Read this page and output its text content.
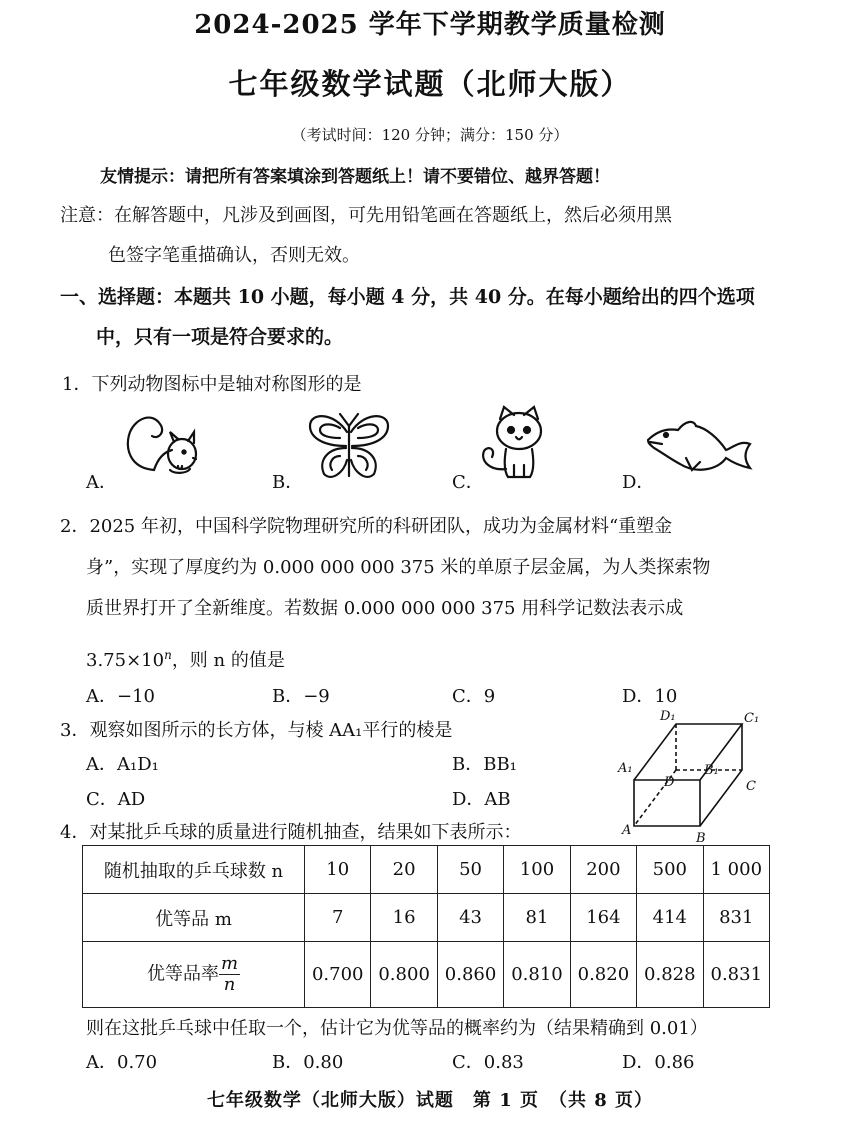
2024-2025 学年下学期教学质量检测
七年级数学试题（北师大版）
（考试时间：120 分钟；满分：150 分）
友情提示：请把所有答案填涂到答题纸上！请不要错位、越界答题！
注意：在解答题中，凡涉及到画图，可先用铅笔画在答题纸上，然后必须用黑
色签字笔重描确认，否则无效。
一、选择题：本题共 10 小题，每小题 4 分，共 40 分。在每小题给出的四个选项
中，只有一项是符合要求的。
1．下列动物图标中是轴对称图形的是
A．	B．	C．	D．
2．2025 年初，中国科学院物理研究所的科研团队，成功为金属材料“重塑金
身”，实现了厚度约为 0.000 000 000 375 米的单原子层金属，为人类探索物
质世界打开了全新维度。若数据 0.000 000 000 375 用科学记数法表示成
$3.75\times 10^n$，则 n 的值是
A．−10	B．−9	C．9	D．10
3．观察如图所示的长方体，与棱 AA₁平行的棱是
A．A₁D₁	B．BB₁
C．AD	D．AB
D₁	C₁
A₁
D
B₁
C
A
B
4．对某批乒乓球的质量进行随机抽查，结果如下表所示：
随机抽取的乒乓球数 n	10	20	50	100	200	500	1 000
优等品 m	7	16	43	81	164	414	831
优等品率 $\frac{m}{n}$	0.700	0.800	0.860	0.810	0.820	0.828	0.831
则在这批乒乓球中任取一个，估计它为优等品的概率约为（结果精确到 0.01）
A．0.70	B．0.80	C．0.83	D．0.86
七年级数学（北师大版）试题　第 1 页　（共 8 页）
